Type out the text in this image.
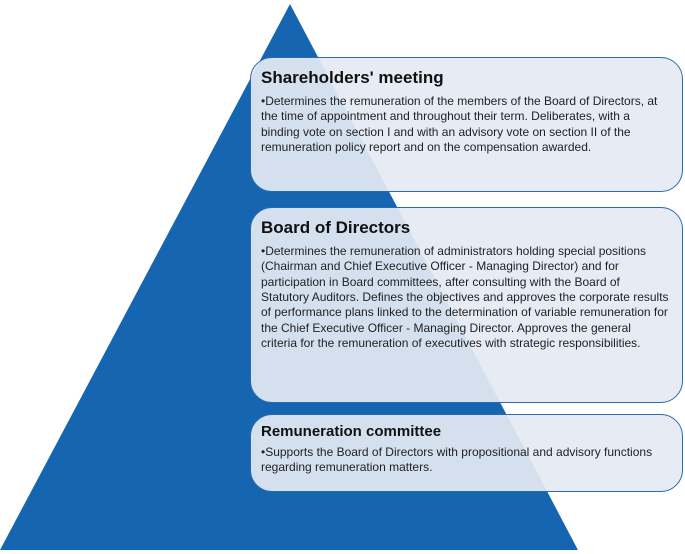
Shareholders' meeting

•Determines the remuneration of the members of the Board of Directors, at the time of appointment and throughout their term. Deliberates, with a binding vote on section I and with an advisory vote on section II of the remuneration policy report and on the compensation awarded.

Board of Directors

•Determines the remuneration of administrators holding special positions (Chairman and Chief Executive Officer - Managing Director) and for participation in Board committees, after consulting with the Board of Statutory Auditors. Defines the objectives and approves the corporate results of performance plans linked to the determination of variable remuneration for the Chief Executive Officer - Managing Director. Approves the general criteria for the remuneration of executives with strategic responsibilities.

Remuneration committee

•Supports the Board of Directors with propositional and advisory functions regarding remuneration matters.
